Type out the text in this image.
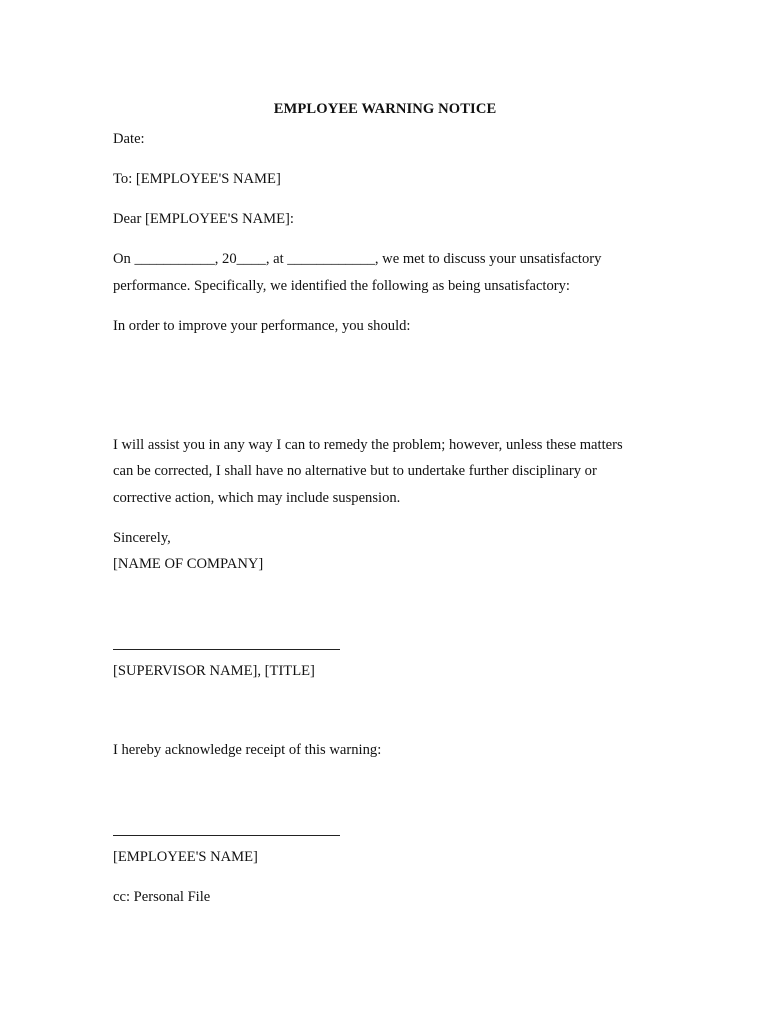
EMPLOYEE WARNING NOTICE
Date:
To: [EMPLOYEE'S NAME]
Dear [EMPLOYEE'S NAME]:
On ___________, 20____, at ____________, we met to discuss your unsatisfactory
performance. Specifically, we identified the following as being unsatisfactory:
In order to improve your performance, you should:
I will assist you in any way I can to remedy the problem; however, unless these matters
can be corrected, I shall have no alternative but to undertake further disciplinary or
corrective action, which may include suspension.
Sincerely,
[NAME OF COMPANY]
[SUPERVISOR NAME], [TITLE]
I hereby acknowledge receipt of this warning:
[EMPLOYEE'S NAME]
cc: Personal File
